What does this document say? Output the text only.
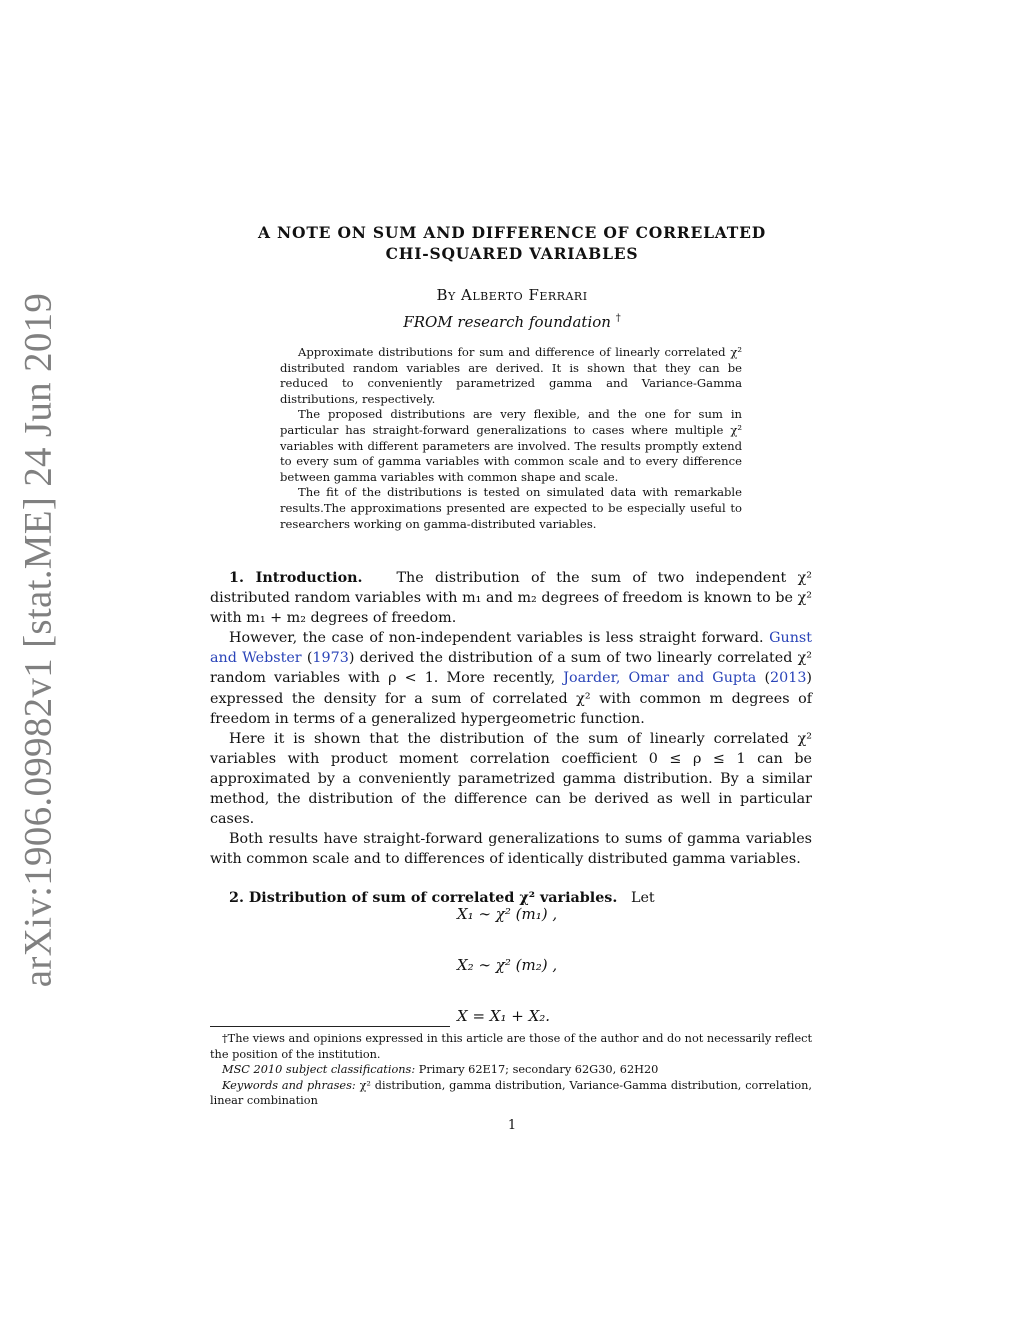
arXiv:1906.09982v1 [stat.ME] 24 Jun 2019
A NOTE ON SUM AND DIFFERENCE OF CORRELATED
CHI-SQUARED VARIABLES
By Alberto Ferrari
FROM research foundation †

Approximate distributions for sum and difference of linearly correlated χ² distributed random variables are derived. It is shown that they can be reduced to conveniently parametrized gamma and Variance-Gamma distributions, respectively.

The proposed distributions are very flexible, and the one for sum in particular has straight-forward generalizations to cases where multiple χ² variables with different parameters are involved. The results promptly extend to every sum of gamma variables with common scale and to every difference between gamma variables with common shape and scale.

The fit of the distributions is tested on simulated data with remarkable results.The approximations presented are expected to be especially useful to researchers working on gamma-distributed variables.

1. Introduction. The distribution of the sum of two independent χ² distributed random variables with m₁ and m₂ degrees of freedom is known to be χ² with m₁ + m₂ degrees of freedom.

However, the case of non-independent variables is less straight forward. Gunst and Webster (1973) derived the distribution of a sum of two linearly correlated χ² random variables with ρ < 1. More recently, Joarder, Omar and Gupta (2013) expressed the density for a sum of correlated χ² with common m degrees of freedom in terms of a generalized hypergeometric function.

Here it is shown that the distribution of the sum of linearly correlated χ² variables with product moment correlation coefficient 0 ≤ ρ ≤ 1 can be approximated by a conveniently parametrized gamma distribution. By a similar method, the distribution of the difference can be derived as well in particular cases.

Both results have straight-forward generalizations to sums of gamma variables with common scale and to differences of identically distributed gamma variables.

2. Distribution of sum of correlated χ² variables. Let

X₁ ∼ χ² (m₁) ,
X₂ ∼ χ² (m₂) ,
X = X₁ + X₂.

†The views and opinions expressed in this article are those of the author and do not necessarily reflect the position of the institution.

MSC 2010 subject classifications: Primary 62E17; secondary 62G30, 62H20

Keywords and phrases: χ² distribution, gamma distribution, Variance-Gamma distribution, correlation, linear combination

1
